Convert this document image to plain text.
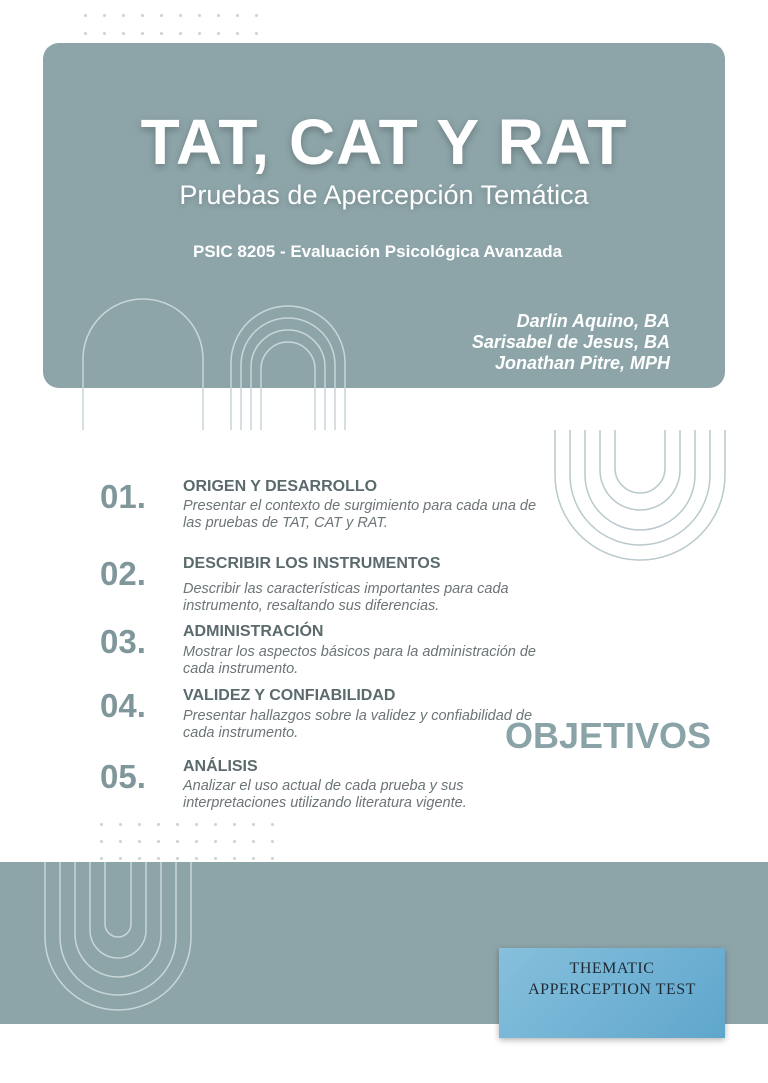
TAT, CAT Y RAT
Pruebas de Apercepción Temática
PSIC 8205 - Evaluación Psicológica Avanzada
Darlin Aquino, BA
Sarisabel de Jesus, BA
Jonathan Pitre, MPH
01. ORIGEN Y DESARROLLO
Presentar el contexto de surgimiento para cada una de las pruebas de TAT, CAT y RAT.
02. DESCRIBIR LOS INSTRUMENTOS
Describir las características importantes para cada instrumento, resaltando sus diferencias.
03. ADMINISTRACIÓN
Mostrar los aspectos básicos para la administración de cada instrumento.
04. VALIDEZ Y CONFIABILIDAD
Presentar hallazgos sobre la validez y confiabilidad de cada instrumento.
05. ANÁLISIS
Analizar el uso actual de cada prueba y sus interpretaciones utilizando literatura vigente.
OBJETIVOS
THEMATIC
APPERCEPTION TEST
TAT
